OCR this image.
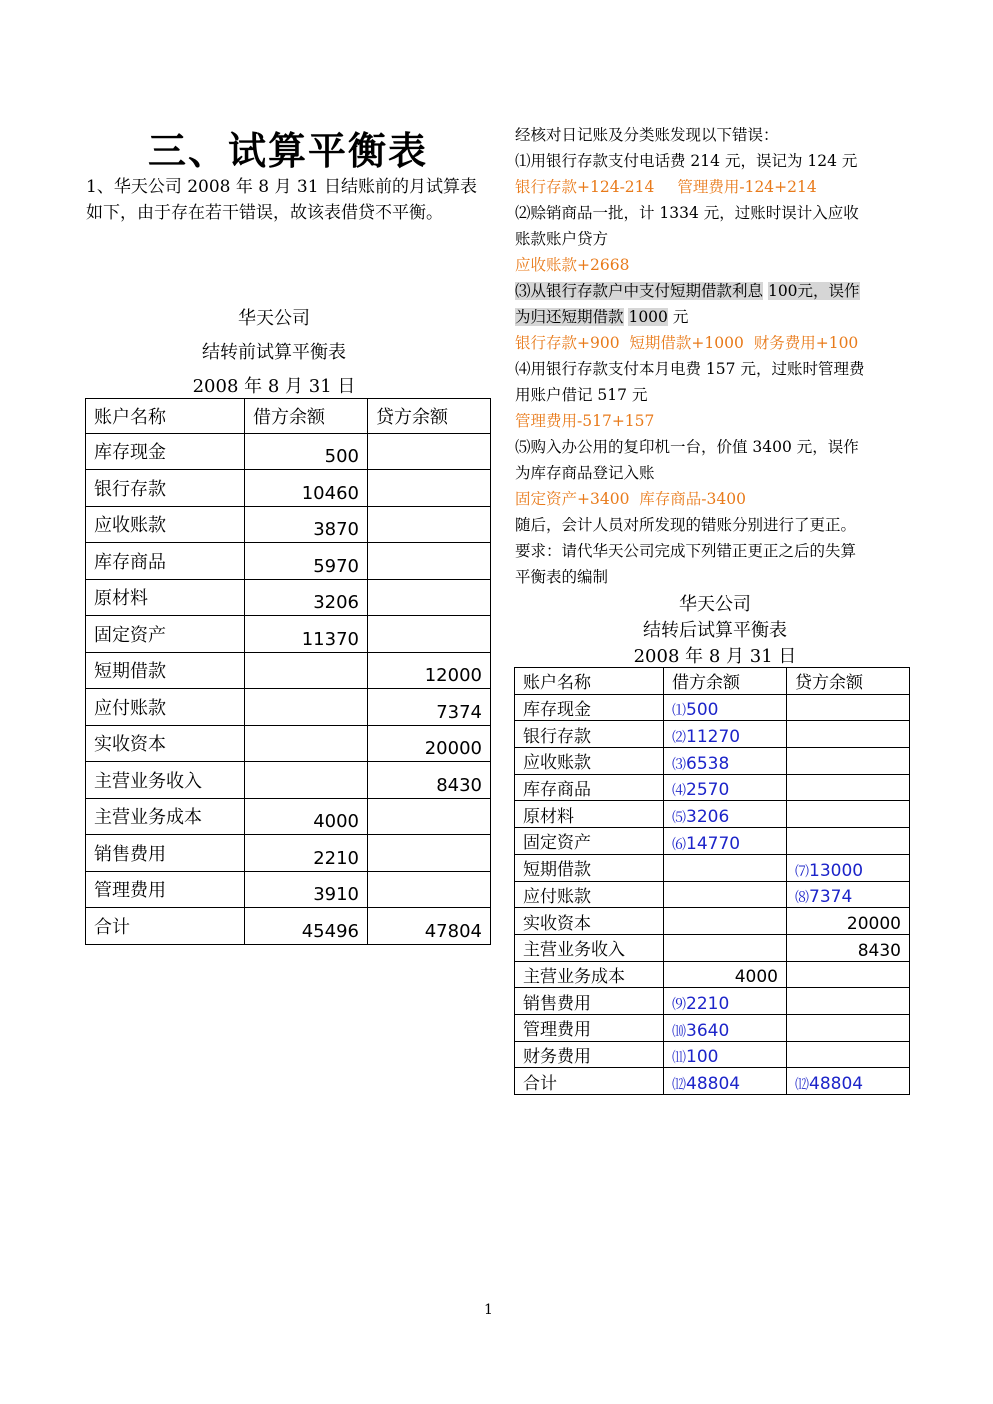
三、试算平衡表
1、华天公司 2008 年 8 月 31 日结账前的月试算表如下，由于存在若干错误，故该表借贷不平衡。
华天公司
结转前试算平衡表
2008 年 8 月 31 日
账户名称	借方余额	贷方余额
库存现金	500	
银行存款	10460	
应收账款	3870	
库存商品	5970	
原材料	3206	
固定资产	11370	
短期借款		12000
应付账款		7374
实收资本		20000
主营业务收入		8430
主营业务成本	4000	
销售费用	2210	
管理费用	3910	
合计	45496	47804

经核对日记账及分类账发现以下错误：

⑴用银行存款支付电话费 214 元，误记为 124 元

银行存款+124-214 管理费用-124+214

⑵赊销商品一批，计 1334 元，过账时误计入应收

账款账户贷方

应收账款+2668

⑶从银行存款户中支付短期借款利息 100元，误作

为归还短期借款 1000 元

银行存款+900  短期借款+1000  财务费用+100

⑷用银行存款支付本月电费 157 元，过账时管理费

用账户借记 517 元

管理费用-517+157

⑸购入办公用的复印机一台，价值 3400 元，误作

为库存商品登记入账

固定资产+3400  库存商品-3400

随后，会计人员对所发现的错账分别进行了更正。

要求：请代华天公司完成下列错正更正之后的失算

平衡表的编制

华天公司
结转后试算平衡表
2008 年 8 月 31 日
账户名称	借方余额	贷方余额
库存现金	⑴500	
银行存款	⑵11270	
应收账款	⑶6538	
库存商品	⑷2570	
原材料	⑸3206	
固定资产	⑹14770	
短期借款		⑺13000
应付账款		⑻7374
实收资本		20000
主营业务收入		8430
主营业务成本	4000	
销售费用	⑼2210	
管理费用	⑽3640	
财务费用	⑾100	
合计	⑿48804	⑿48804
1
